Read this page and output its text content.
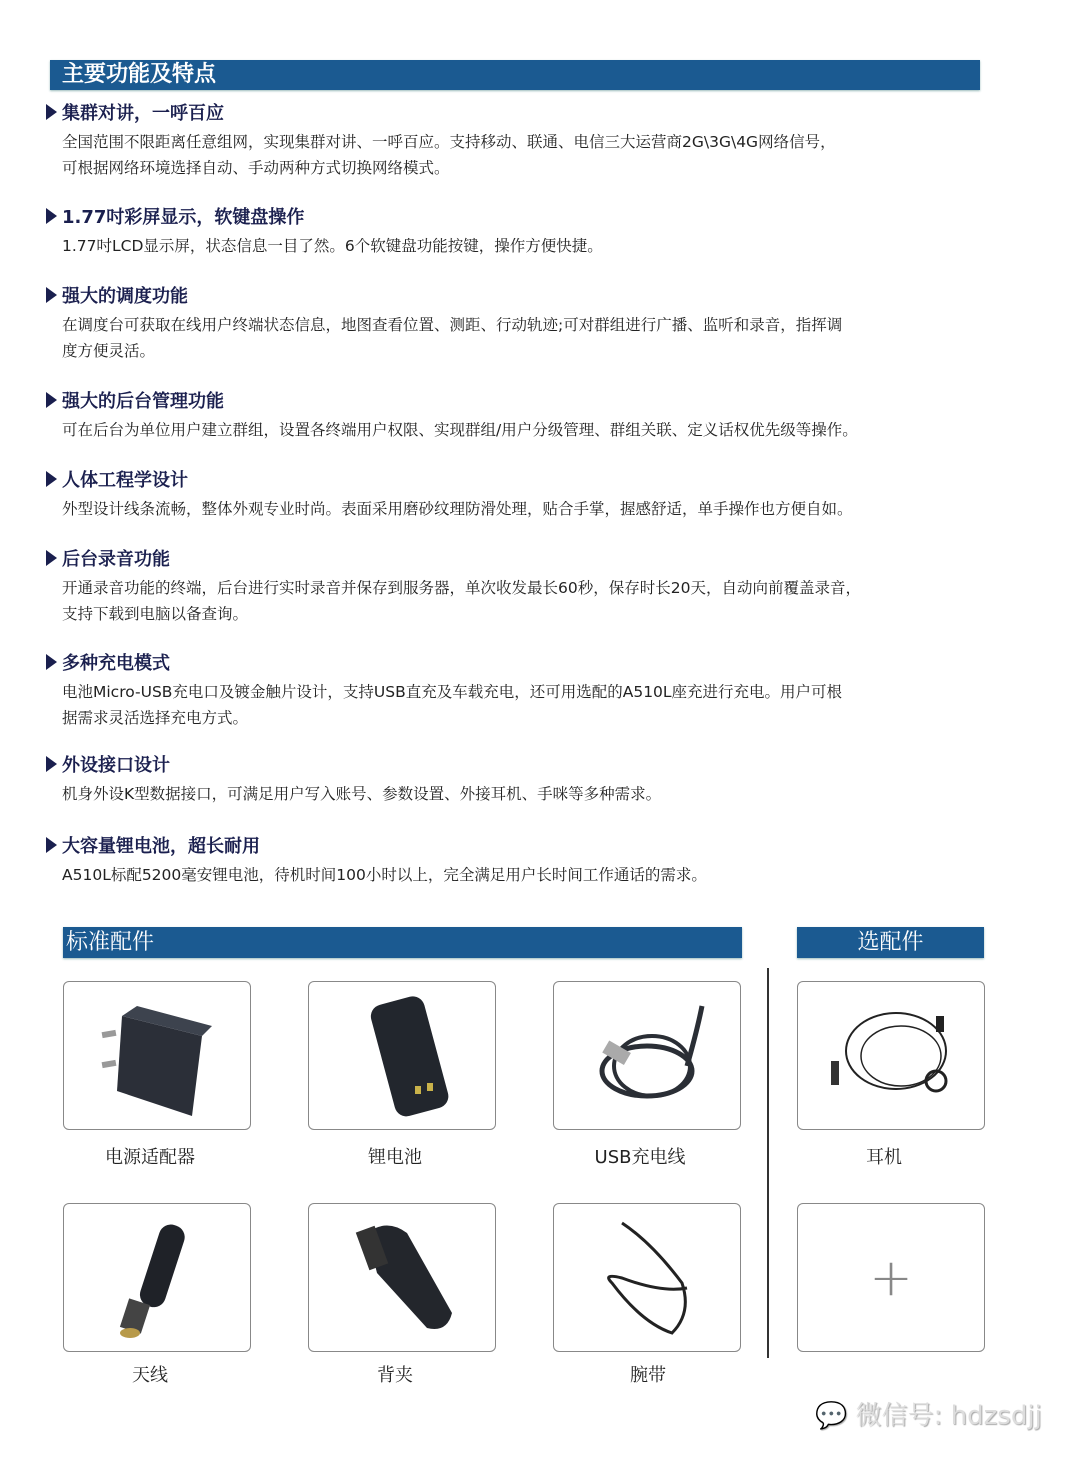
主要功能及特点
集群对讲，一呼百应

全国范围不限距离任意组网，实现集群对讲、一呼百应。支持移动、联通、电信三大运营商2G\3G\4G网络信号，
可根据网络环境选择自动、手动两种方式切换网络模式。

1.77吋彩屏显示，软键盘操作

1.77吋LCD显示屏，状态信息一目了然。6个软键盘功能按键，操作方便快捷。

强大的调度功能

在调度台可获取在线用户终端状态信息，地图查看位置、测距、行动轨迹;可对群组进行广播、监听和录音，指挥调
度方便灵活。

强大的后台管理功能

可在后台为单位用户建立群组，设置各终端用户权限、实现群组/用户分级管理、群组关联、定义话权优先级等操作。

人体工程学设计

外型设计线条流畅，整体外观专业时尚。表面采用磨砂纹理防滑处理，贴合手掌，握感舒适，单手操作也方便自如。

后台录音功能

开通录音功能的终端，后台进行实时录音并保存到服务器，单次收发最长60秒，保存时长20天，自动向前覆盖录音，
支持下载到电脑以备查询。

多种充电模式

电池Micro-USB充电口及镀金触片设计，支持USB直充及车载充电，还可用选配的A510L座充进行充电。用户可根
据需求灵活选择充电方式。

外设接口设计

机身外设K型数据接口，可满足用户写入账号、参数设置、外接耳机、手咪等多种需求。

大容量锂电池，超长耐用

A510L标配5200毫安锂电池，待机时间100小时以上，完全满足用户长时间工作通话的需求。

标准配件	选配件
电源适配器	锂电池	USB充电线	耳机
+
天线	背夹	腕带
💬 微信号: hdzsdjj
